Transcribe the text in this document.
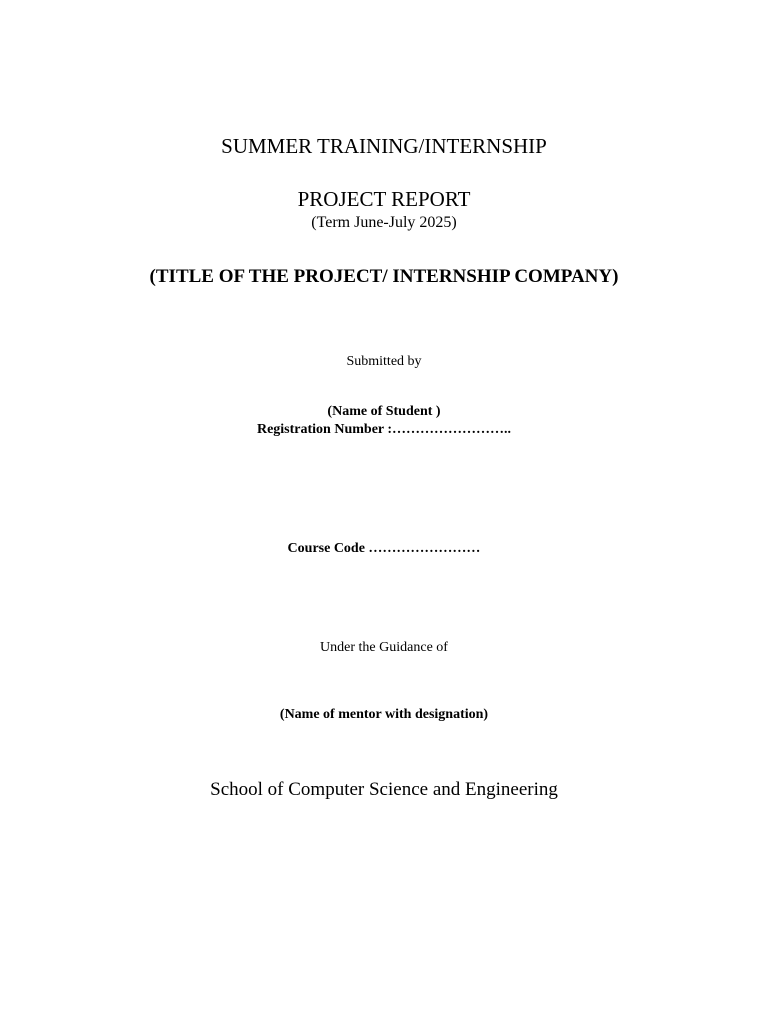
SUMMER TRAINING/INTERNSHIP
PROJECT REPORT
(Term June-July 2025)
(TITLE OF THE PROJECT/ INTERNSHIP COMPANY)
Submitted by
(Name of Student )
Registration Number :……………………..
Course Code ……………………
Under the Guidance of
(Name of mentor with designation)
School of Computer Science and Engineering
